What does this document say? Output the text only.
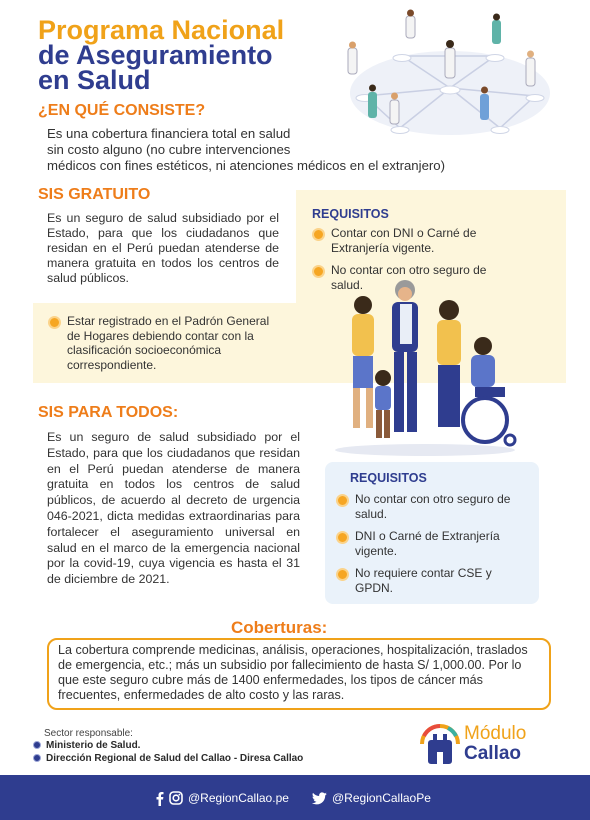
Programa Nacional
de Aseguramiento
en Salud
¿EN QUÉ CONSISTE?
Es una cobertura financiera total en salud
sin costo alguno (no cubre intervenciones
médicos con fines estéticos, ni atenciones médicos en el extranjero)
SIS GRATUITO
Es un seguro de salud subsidiado por el Estado, para que los ciudadanos que residan en el Perú puedan atenderse de manera gratuita en todos los centros de salud públicos.
REQUISITOS
Contar con DNI o Carné de Extranjería vigente.
No contar con otro seguro de salud.
Estar registrado en el Padrón General de Hogares debiendo contar con la clasificación socioeconómica correspondiente.
SIS PARA TODOS:
Es un seguro de salud subsidiado por el Estado, para que los ciudadanos que residan en el Perú puedan atenderse de manera gratuita en todos los centros de salud públicos, de acuerdo al decreto de urgencia 046-2021, dicta medidas extraordinarias para fortalecer el aseguramiento universal en salud en el marco de la emergencia nacional por la covid-19, cuya vigencia es hasta el 31 de diciembre de 2021.
REQUISITOS
No contar con otro seguro de salud.
DNI o Carné de Extranjería vigente.
No requiere contar CSE y GPDN.
Coberturas:
La cobertura comprende medicinas, análisis, operaciones, hospitalización, traslados de emergencia, etc.; más un subsidio por fallecimiento de hasta S/ 1,000.00. Por lo que este seguro cubre más de 1400 enfermedades, los tipos de cáncer más frecuentes, enfermedades de alto costo y las raras.
Sector responsable:
Ministerio de Salud.
Dirección Regional de Salud del Callao - Diresa Callao
Módulo
Callao
@RegionCallao.pe	@RegionCallaoPe
